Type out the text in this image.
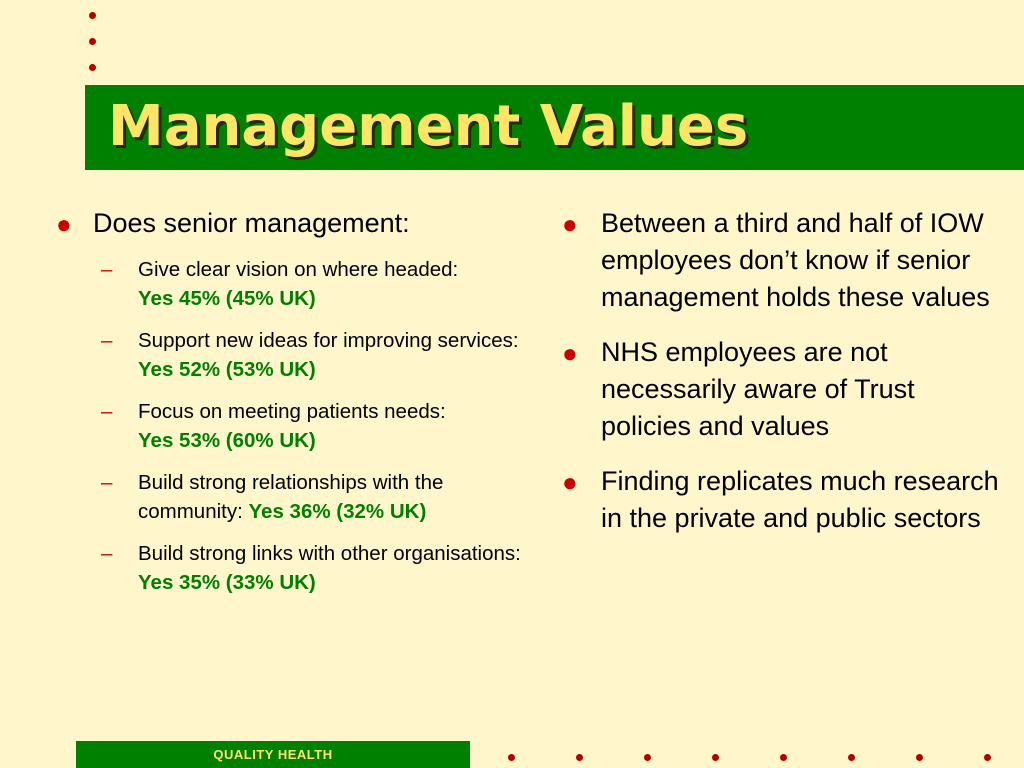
Management Values
● Does senior management:
– Give clear vision on where headed:
Yes 45% (45% UK)
– Support new ideas for improving services: Yes 52% (53% UK)
– Focus on meeting patients needs:
Yes 53% (60% UK)
– Build strong relationships with the community: Yes 36% (32% UK)
– Build strong links with other organisations:
Yes 35% (33% UK)
● Between a third and half of IOW employees don’t know if senior management holds these values
● NHS employees are not necessarily aware of Trust policies and values
● Finding replicates much research in the private and public sectors
QUALITY HEALTH
